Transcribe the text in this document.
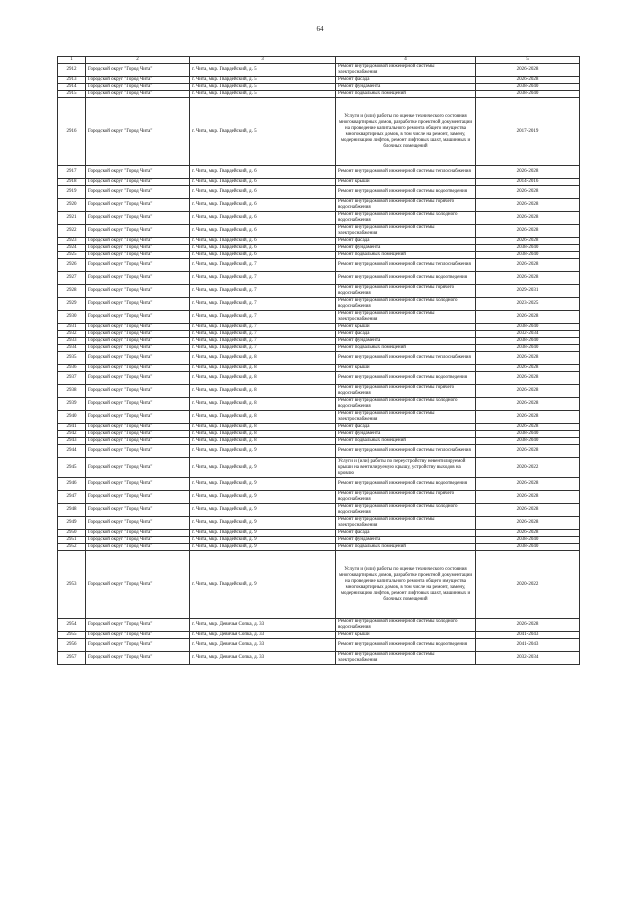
64
1	2	3	4	5
2912	Городской округ "Город Чита"	г. Чита, мкр. Гвардейский, д. 5	Ремонт внутридомовой инженерной системы электроснабжения	2026-2028
2913	Городской округ "Город Чита"	г. Чита, мкр. Гвардейский, д. 5	Ремонт фасада	2026-2028
2914	Городской округ "Город Чита"	г. Чита, мкр. Гвардейский, д. 5	Ремонт фундамента	2038-2040
2915	Городской округ "Город Чита"	г. Чита, мкр. Гвардейский, д. 5	Ремонт подвальных помещений	2038-2040
2916	Городской округ "Город Чита"	г. Чита, мкр. Гвардейский, д. 5	Услуги и (или) работы по оценке технического состояния многоквартирных домов, разработке проектной документации на проведение капитального ремонта общего имущества многоквартирных домов, в том числе на ремонт, замену, модернизацию лифтов, ремонт лифтовых шахт, машинных и блочных помещений	2017-2019
2917	Городской округ "Город Чита"	г. Чита, мкр. Гвардейский, д. 6	Ремонт внутридомовой инженерной системы теплоснабжения	2026-2028
2918	Городской округ "Город Чита"	г. Чита, мкр. Гвардейский, д. 6	Ремонт крыши	2014-2016
2919	Городской округ "Город Чита"	г. Чита, мкр. Гвардейский, д. 6	Ремонт внутридомовой инженерной системы водоотведения	2026-2028
2920	Городской округ "Город Чита"	г. Чита, мкр. Гвардейский, д. 6	Ремонт внутридомовой инженерной системы горячего водоснабжения	2026-2028
2921	Городской округ "Город Чита"	г. Чита, мкр. Гвардейский, д. 6	Ремонт внутридомовой инженерной системы холодного водоснабжения	2026-2028
2922	Городской округ "Город Чита"	г. Чита, мкр. Гвардейский, д. 6	Ремонт внутридомовой инженерной системы электроснабжения	2026-2028
2923	Городской округ "Город Чита"	г. Чита, мкр. Гвардейский, д. 6	Ремонт фасада	2026-2028
2924	Городской округ "Город Чита"	г. Чита, мкр. Гвардейский, д. 6	Ремонт фундамента	2038-2040
2925	Городской округ "Город Чита"	г. Чита, мкр. Гвардейский, д. 6	Ремонт подвальных помещений	2038-2040
2926	Городской округ "Город Чита"	г. Чита, мкр. Гвардейский, д. 7	Ремонт внутридомовой инженерной системы теплоснабжения	2026-2028
2927	Городской округ "Город Чита"	г. Чита, мкр. Гвардейский, д. 7	Ремонт внутридомовой инженерной системы водоотведения	2026-2028
2928	Городской округ "Город Чита"	г. Чита, мкр. Гвардейский, д. 7	Ремонт внутридомовой инженерной системы горячего водоснабжения	2029-2031
2929	Городской округ "Город Чита"	г. Чита, мкр. Гвардейский, д. 7	Ремонт внутридомовой инженерной системы холодного водоснабжения	2023-2025
2930	Городской округ "Город Чита"	г. Чита, мкр. Гвардейский, д. 7	Ремонт внутридомовой инженерной системы электроснабжения	2026-2028
2931	Городской округ "Город Чита"	г. Чита, мкр. Гвардейский, д. 7	Ремонт крыши	2038-2040
2932	Городской округ "Город Чита"	г. Чита, мкр. Гвардейский, д. 7	Ремонт фасада	2032-2034
2933	Городской округ "Город Чита"	г. Чита, мкр. Гвардейский, д. 7	Ремонт фундамента	2038-2040
2934	Городской округ "Город Чита"	г. Чита, мкр. Гвардейский, д. 7	Ремонт подвальных помещений	2038-2040
2935	Городской округ "Город Чита"	г. Чита, мкр. Гвардейский, д. 8	Ремонт внутридомовой инженерной системы теплоснабжения	2026-2028
2936	Городской округ "Город Чита"	г. Чита, мкр. Гвардейский, д. 8	Ремонт крыши	2026-2028
2937	Городской округ "Город Чита"	г. Чита, мкр. Гвардейский, д. 8	Ремонт внутридомовой инженерной системы водоотведения	2026-2028
2938	Городской округ "Город Чита"	г. Чита, мкр. Гвардейский, д. 8	Ремонт внутридомовой инженерной системы горячего водоснабжения	2026-2028
2939	Городской округ "Город Чита"	г. Чита, мкр. Гвардейский, д. 8	Ремонт внутридомовой инженерной системы холодного водоснабжения	2026-2028
2940	Городской округ "Город Чита"	г. Чита, мкр. Гвардейский, д. 8	Ремонт внутридомовой инженерной системы электроснабжения	2026-2028
2941	Городской округ "Город Чита"	г. Чита, мкр. Гвардейский, д. 8	Ремонт фасада	2026-2028
2942	Городской округ "Город Чита"	г. Чита, мкр. Гвардейский, д. 8	Ремонт фундамента	2038-2040
2943	Городской округ "Город Чита"	г. Чита, мкр. Гвардейский, д. 8	Ремонт подвальных помещений	2038-2040
2944	Городской округ "Город Чита"	г. Чита, мкр. Гвардейский, д. 9	Ремонт внутридомовой инженерной системы теплоснабжения	2026-2028
2945	Городской округ "Город Чита"	г. Чита, мкр. Гвардейский, д. 9	Услуги и (или) работы по переустройству невентилируемой крыши на вентилируемую крышу, устройству выходов на кровлю	2020-2022
2946	Городской округ "Город Чита"	г. Чита, мкр. Гвардейский, д. 9	Ремонт внутридомовой инженерной системы водоотведения	2026-2028
2947	Городской округ "Город Чита"	г. Чита, мкр. Гвардейский, д. 9	Ремонт внутридомовой инженерной системы горячего водоснабжения	2026-2028
2948	Городской округ "Город Чита"	г. Чита, мкр. Гвардейский, д. 9	Ремонт внутридомовой инженерной системы холодного водоснабжения	2026-2028
2949	Городской округ "Город Чита"	г. Чита, мкр. Гвардейский, д. 9	Ремонт внутридомовой инженерной системы электроснабжения	2026-2028
2950	Городской округ "Город Чита"	г. Чита, мкр. Гвардейский, д. 9	Ремонт фасада	2026-2028
2951	Городской округ "Город Чита"	г. Чита, мкр. Гвардейский, д. 9	Ремонт фундамента	2038-2040
2952	Городской округ "Город Чита"	г. Чита, мкр. Гвардейский, д. 9	Ремонт подвальных помещений	2038-2040
2953	Городской округ "Город Чита"	г. Чита, мкр. Гвардейский, д. 9	Услуги и (или) работы по оценке технического состояния многоквартирных домов, разработке проектной документации на проведение капитального ремонта общего имущества многоквартирных домов, в том числе на ремонт, замену, модернизацию лифтов, ремонт лифтовых шахт, машинных и блочных помещений	2020-2022
2954	Городской округ "Город Чита"	г. Чита, мкр. Девичья Сопка, д. 33	Ремонт внутридомовой инженерной системы холодного водоснабжения	2026-2028
2955	Городской округ "Город Чита"	г. Чита, мкр. Девичья Сопка, д. 33	Ремонт крыши	2041-2043
2956	Городской округ "Город Чита"	г. Чита, мкр. Девичья Сопка, д. 33	Ремонт внутридомовой инженерной системы водоотведения	2041-2043
2957	Городской округ "Город Чита"	г. Чита, мкр. Девичья Сопка, д. 33	Ремонт внутридомовой инженерной системы электроснабжения	2032-2034
